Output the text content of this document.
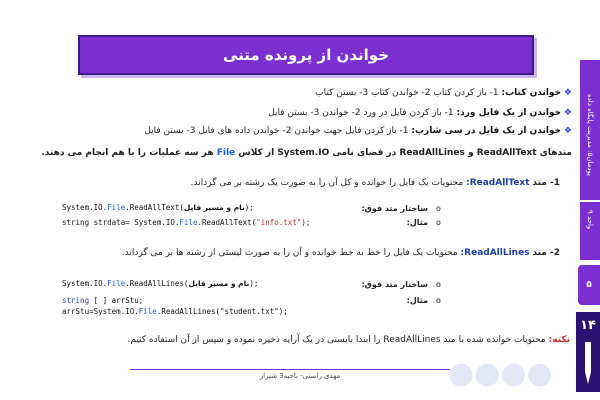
خواندن از پرونده متنی
پودمان۵: مدیریت پایگاه داده
واحد ۹
۵
۱۴
❖ خواندن کتاب: 1- باز کردن کتاب 2- خواندن کتاب 3- بستن کتاب
❖ خواندن از یک فایل ورد: 1- باز کردن فایل در ورد 2- خواندن 3- بستن فایل
❖ خواندن از یک فایل در سی شارپ: 1- باز کردن فایل جهت خواندن 2- خواندن داده های فایل 3- بستن فایل
متدهای ReadAllText و ReadAllLines در فضای نامی System.IO از کلاس File هر سه عملیات را با هم انجام می دهند.
1- متد ReadAllText: محتویات یک فایل را خوانده و کل آن را به صورت یک رشته بر می گرداند.
o
ساختار متد فوق:
o
مثال:
System.IO.File.ReadAllText(نام و مسیر فایل);
string strdata= System.IO.File.ReadAllText("info.txt");
2- متد ReadAllLines: محتویات یک فایل را خط به خط خوانده و آن را به صورت لیستی از رشته ها بر می گرداند.
o
ساختار متد فوق:
o
مثال:
System.IO.File.ReadAllLines(نام و مسیر فایل);
string [ ] arrStu;
arrStu=System.IO.File.ReadAllLines("student.txt");
نکته: محتویات خوانده شده با متد ReadAllLines را ابتدا بایستی در یک آرایه ذخیره نموده و سپس از آن استفاده کنیم.
مهدی راستی- ناحیه3 شیراز	●●●●
